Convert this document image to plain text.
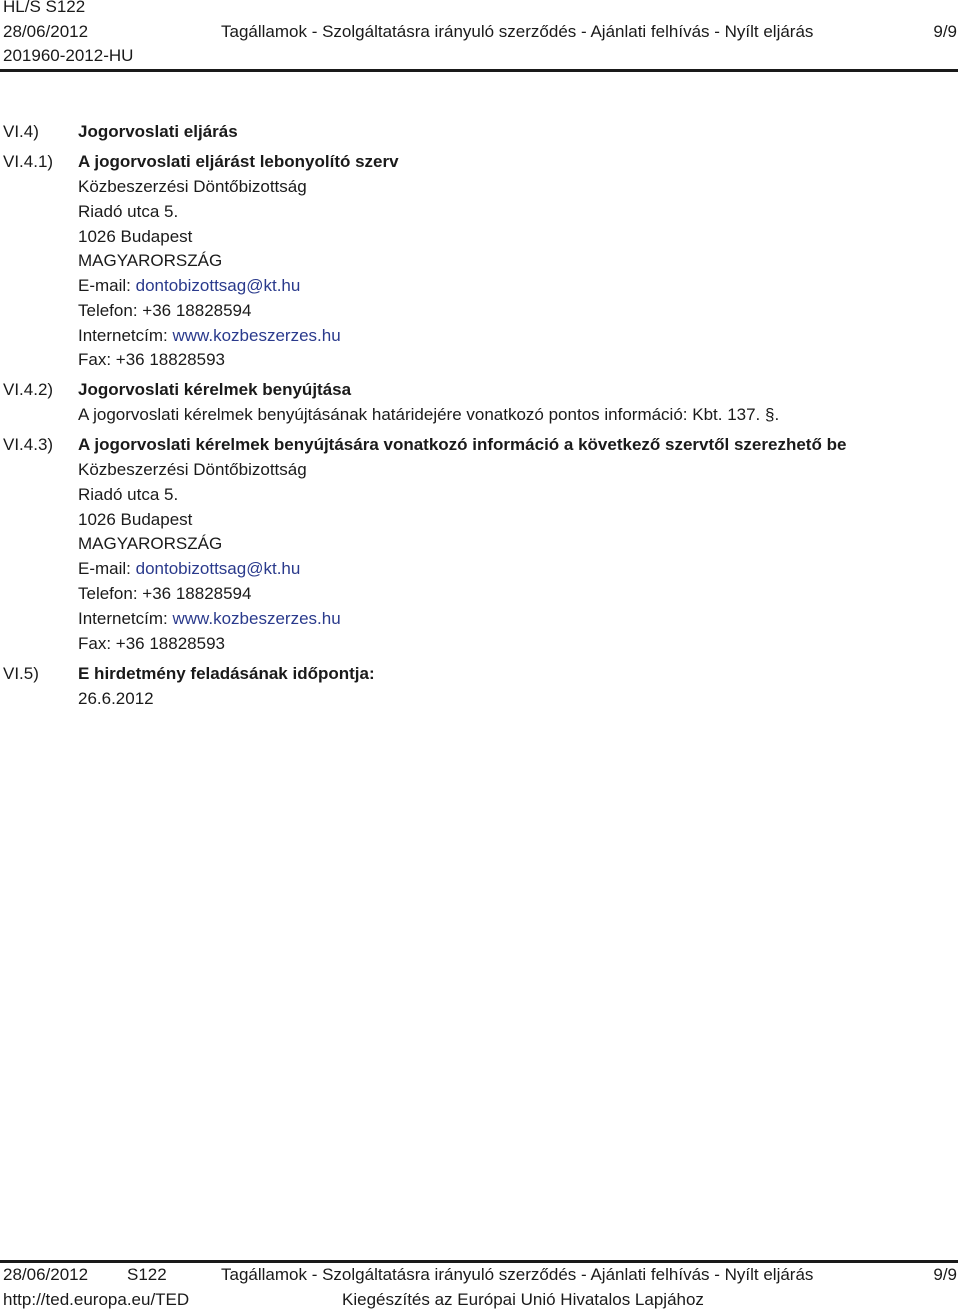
HL/S S122
28/06/2012	Tagállamok - Szolgáltatásra irányuló szerződés - Ajánlati felhívás - Nyílt eljárás	9/9
201960-2012-HU
VI.4) Jogorvoslati eljárás
VI.4.1) A jogorvoslati eljárást lebonyolító szerv
Közbeszerzési Döntőbizottság
Riadó utca 5.
1026 Budapest
MAGYARORSZÁG
E-mail: dontobizottsag@kt.hu
Telefon: +36 18828594
Internetcím: www.kozbeszerzes.hu
Fax: +36 18828593
VI.4.2) Jogorvoslati kérelmek benyújtása
A jogorvoslati kérelmek benyújtásának határidejére vonatkozó pontos információ: Kbt. 137. §.
VI.4.3) A jogorvoslati kérelmek benyújtására vonatkozó információ a következő szervtől szerezhető be
Közbeszerzési Döntőbizottság
Riadó utca 5.
1026 Budapest
MAGYARORSZÁG
E-mail: dontobizottsag@kt.hu
Telefon: +36 18828594
Internetcím: www.kozbeszerzes.hu
Fax: +36 18828593
VI.5) E hirdetmény feladásának időpontja:
26.6.2012
28/06/2012 S122	Tagállamok - Szolgáltatásra irányuló szerződés - Ajánlati felhívás - Nyílt eljárás	9/9
http://ted.europa.eu/TED	Kiegészítés az Európai Unió Hivatalos Lapjához
